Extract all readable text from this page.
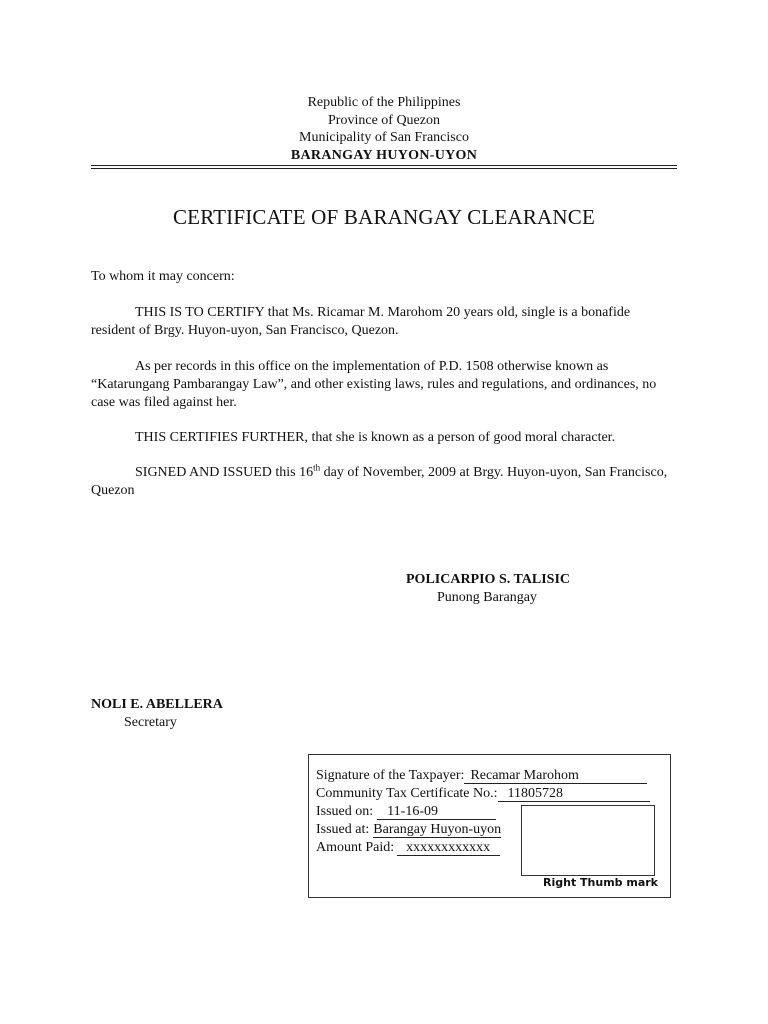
Republic of the Philippines
Province of Quezon
Municipality of San Francisco
BARANGAY HUYON-UYON
CERTIFICATE OF BARANGAY CLEARANCE

To whom it may concern:

THIS IS TO CERTIFY that Ms. Ricamar M. Marohom 20 years old, single is a bonafide resident of Brgy. Huyon-uyon, San Francisco, Quezon.

As per records in this office on the implementation of P.D. 1508 otherwise known as “Katarungang Pambarangay Law”, and other existing laws, rules and regulations, and ordinances, no case was filed against her.

THIS CERTIFIES FURTHER, that she is known as a person of good moral character.

SIGNED AND ISSUED this 16th day of November, 2009 at Brgy. Huyon-uyon, San Francisco, Quezon

POLICARPIO S. TALISIC
Punong Barangay
NOLI E. ABELLERA
Secretary
Signature of the Taxpayer: Recamar Marohom
Community Tax Certificate No.: 11805728
Issued on: 11-16-09
Issued at: Barangay Huyon-uyon
Amount Paid: xxxxxxxxxxxx
Right Thumb mark
